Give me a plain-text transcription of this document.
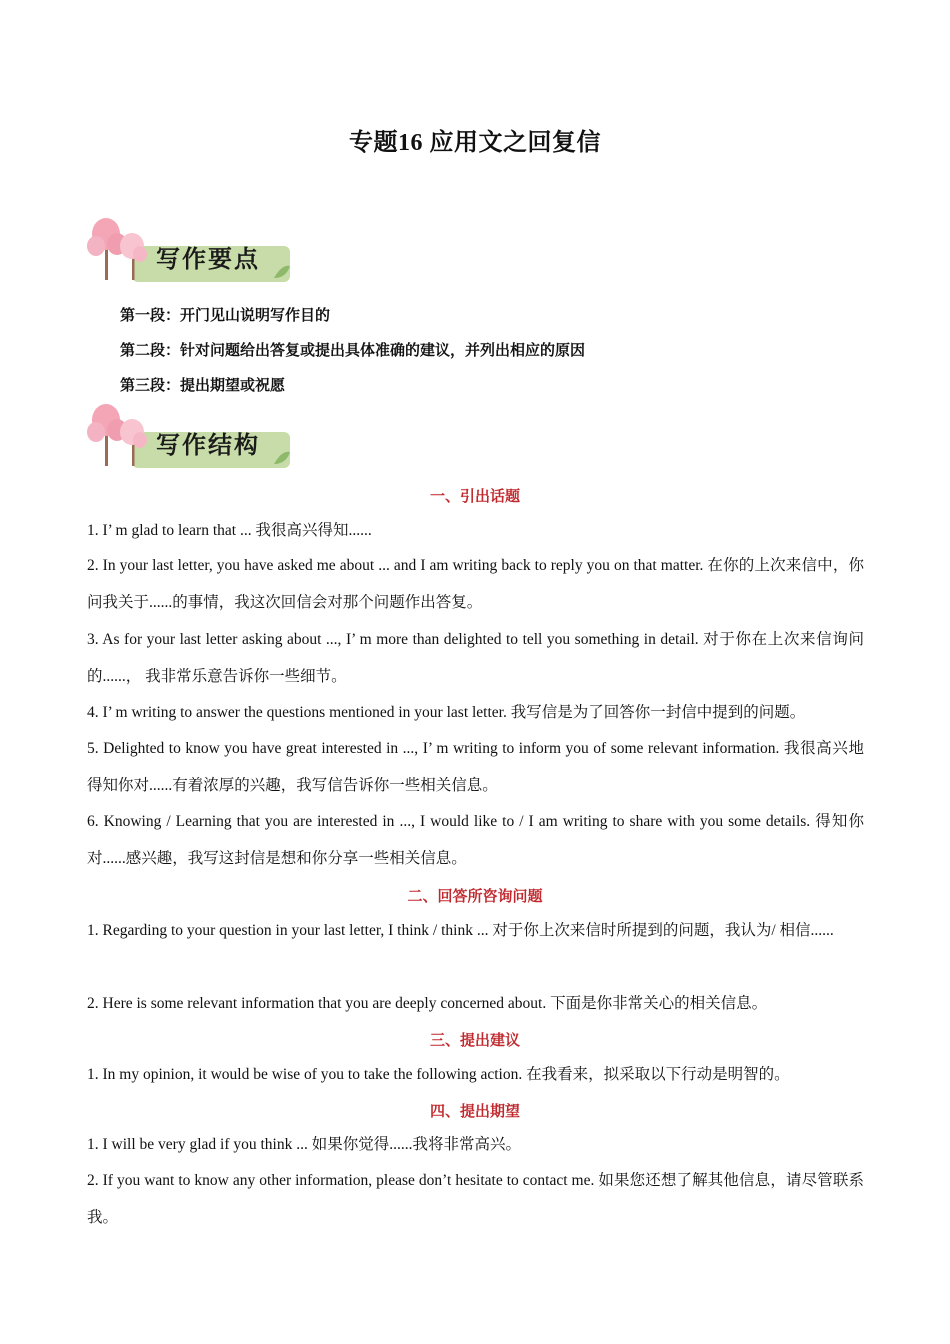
专题16 应用文之回复信
写作要点
第一段：开门见山说明写作目的
第二段：针对问题给出答复或提出具体准确的建议，并列出相应的原因
第三段：提出期望或祝愿
写作结构
一、引出话题
1. I’ m glad to learn that ... 我很高兴得知......
2. In your last letter, you have asked me about ... and I am writing back to reply you on that matter. 在你的上次来信中，你问我关于......的事情，我这次回信会对那个问题作出答复。
3. As for your last letter asking about ..., I’ m more than delighted to tell you something in detail. 对于你在上次来信询问的......， 我非常乐意告诉你一些细节。
4. I’ m writing to answer the questions mentioned in your last letter. 我写信是为了回答你一封信中提到的问题。
5. Delighted to know you have great interested in ..., I’ m writing to inform you of some relevant information. 我很高兴地得知你对......有着浓厚的兴趣，我写信告诉你一些相关信息。
6. Knowing / Learning that you are interested in ..., I would like to / I am writing to share with you some details. 得知你对......感兴趣，我写这封信是想和你分享一些相关信息。
二、回答所咨询问题
1. Regarding to your question in your last letter, I think / think ... 对于你上次来信时所提到的问题，我认为/ 相信......
2. Here is some relevant information that you are deeply concerned about. 下面是你非常关心的相关信息。
三、提出建议
1. In my opinion, it would be wise of you to take the following action. 在我看来，拟采取以下行动是明智的。
四、提出期望
1. I will be very glad if you think ... 如果你觉得......我将非常高兴。
2. If you want to know any other information, please don’t hesitate to contact me. 如果您还想了解其他信息，请尽管联系我。
